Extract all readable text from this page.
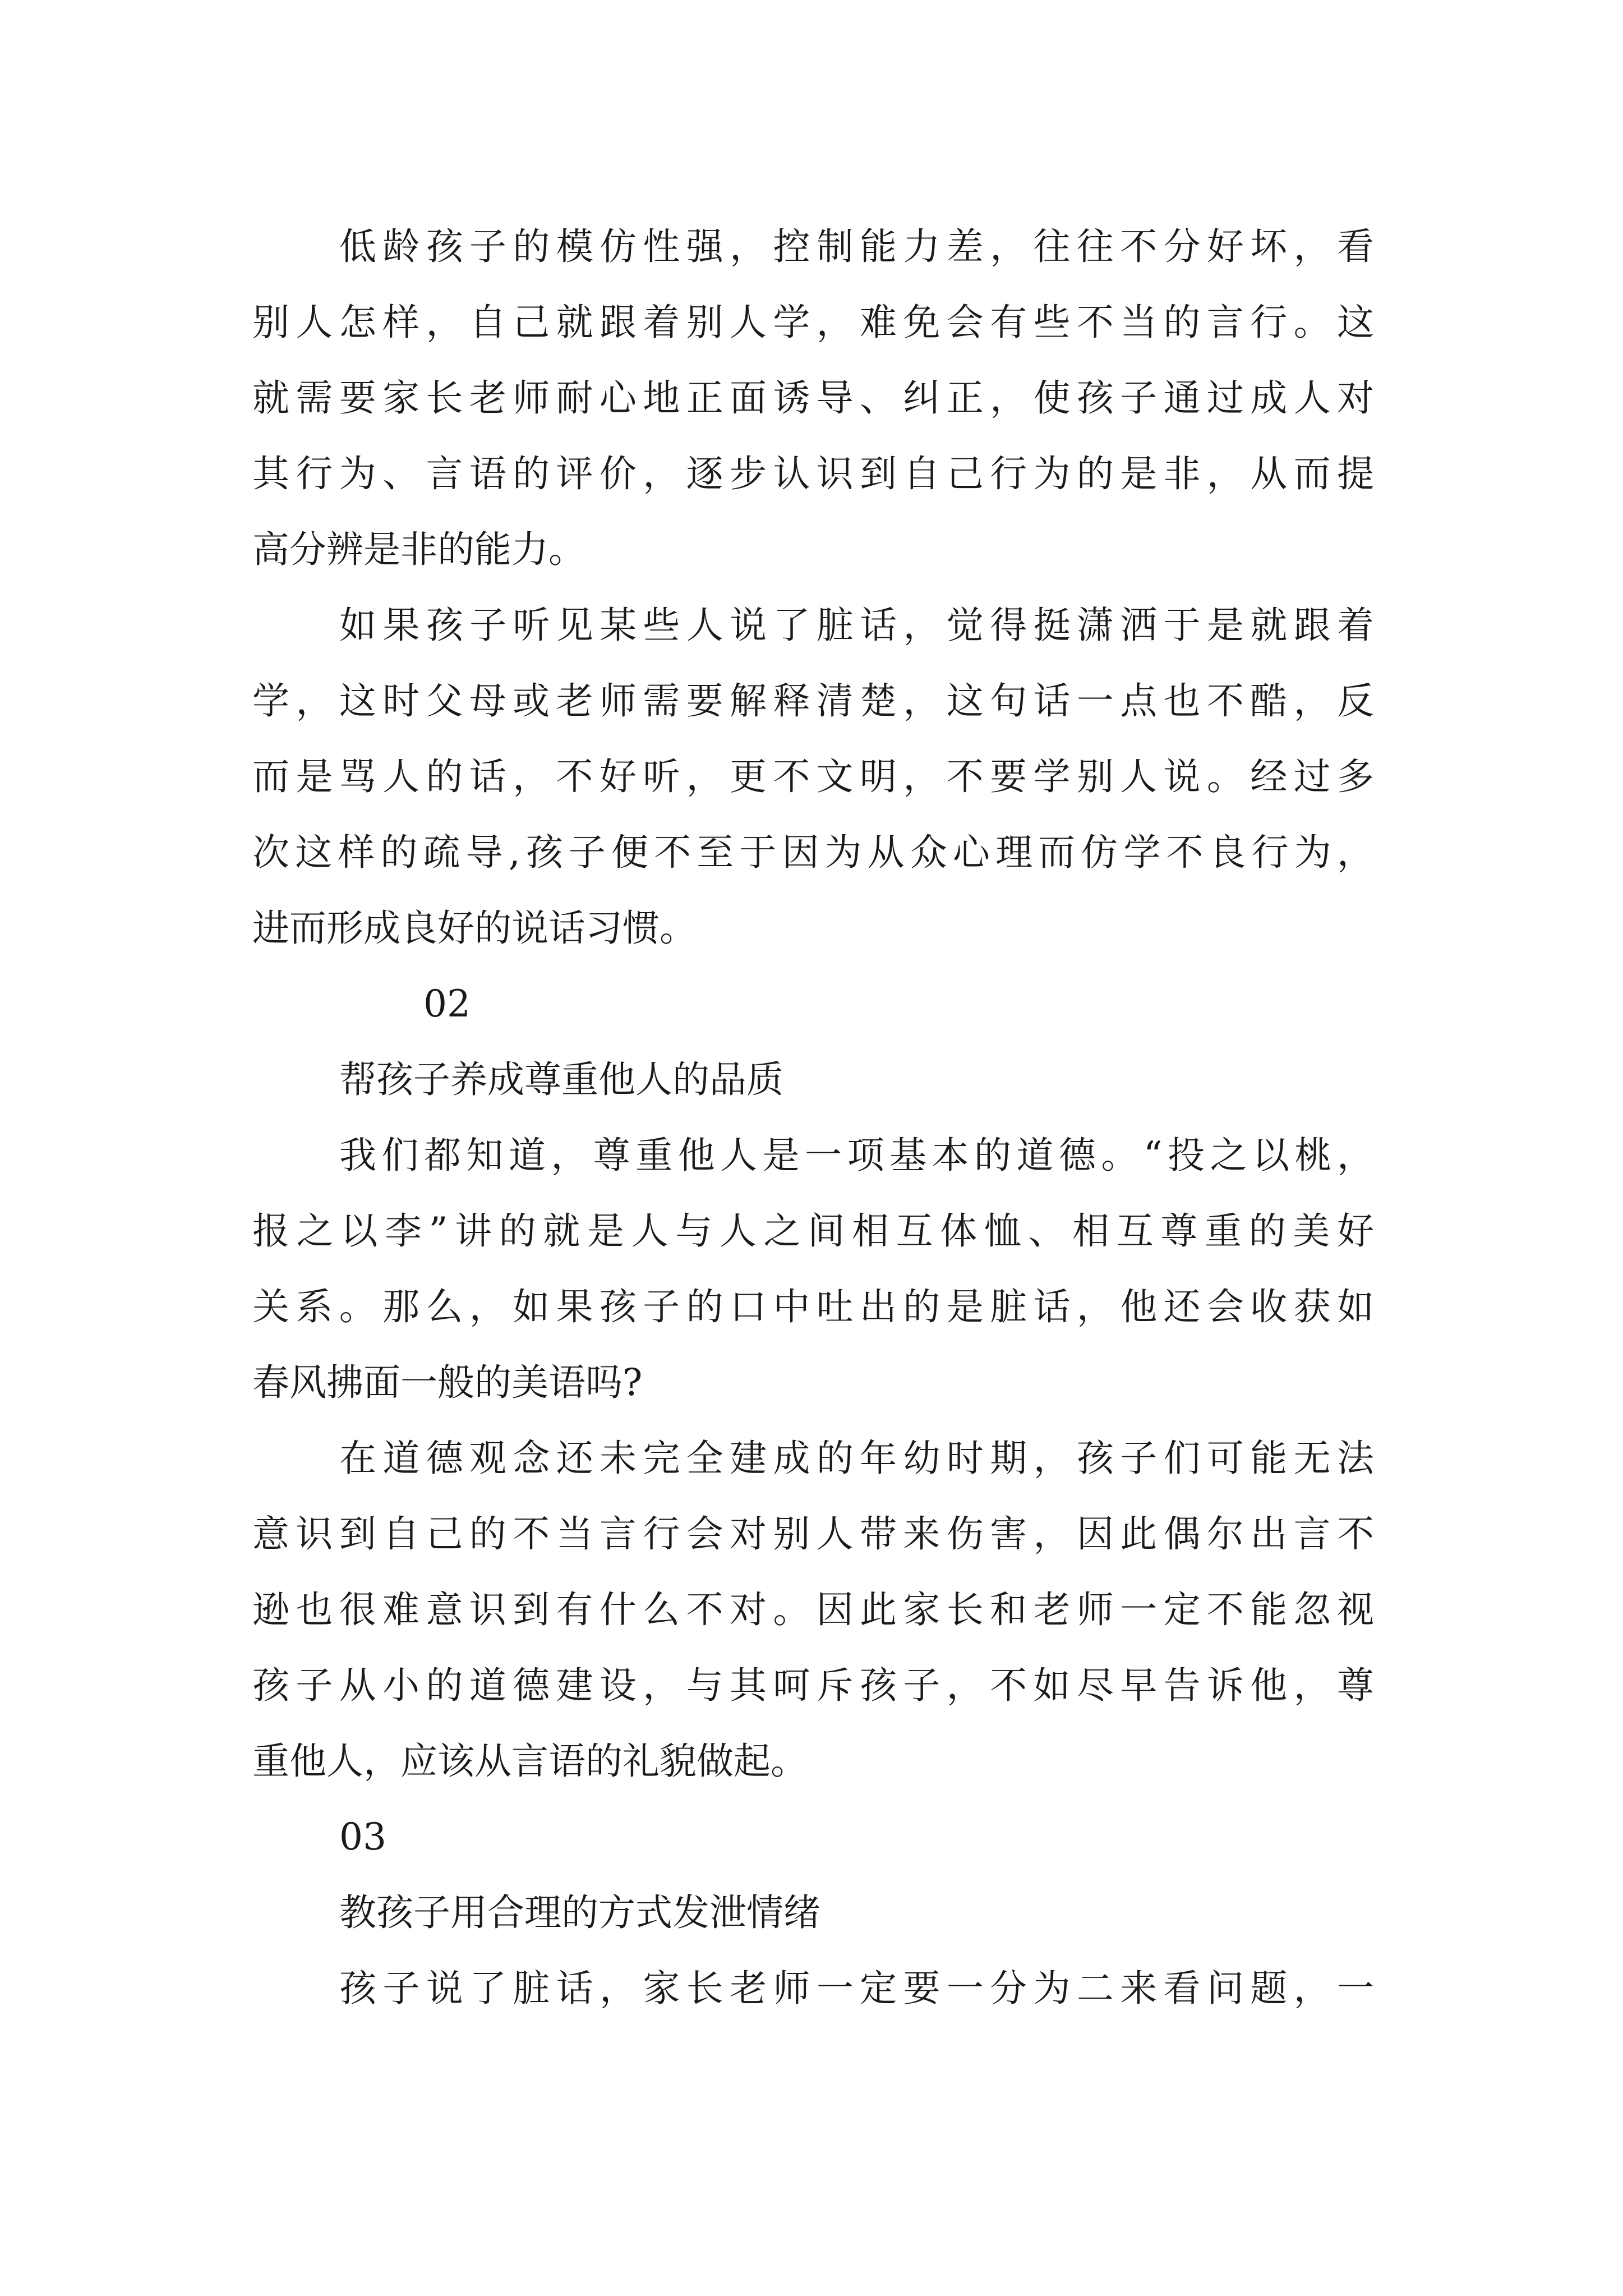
低龄孩子的模仿性强，控制能力差，往往不分好坏，看
别人怎样，自己就跟着别人学，难免会有些不当的言行。这
就需要家长老师耐心地正面诱导、纠正，使孩子通过成人对
其行为、言语的评价，逐步认识到自己行为的是非，从而提
高分辨是非的能力。
如果孩子听见某些人说了脏话，觉得挺潇洒于是就跟着
学，这时父母或老师需要解释清楚，这句话一点也不酷，反
而是骂人的话，不好听，更不文明，不要学别人说。经过多
次这样的疏导,孩子便不至于因为从众心理而仿学不良行为，
进而形成良好的说话习惯。
02
帮孩子养成尊重他人的品质
我们都知道，尊重他人是一项基本的道德。“投之以桃，
报之以李”讲的就是人与人之间相互体恤、相互尊重的美好
关系。那么，如果孩子的口中吐出的是脏话，他还会收获如
春风拂面一般的美语吗?
在道德观念还未完全建成的年幼时期，孩子们可能无法
意识到自己的不当言行会对别人带来伤害，因此偶尔出言不
逊也很难意识到有什么不对。因此家长和老师一定不能忽视
孩子从小的道德建设，与其呵斥孩子，不如尽早告诉他，尊
重他人，应该从言语的礼貌做起。
03
教孩子用合理的方式发泄情绪
孩子说了脏话，家长老师一定要一分为二来看问题，一
